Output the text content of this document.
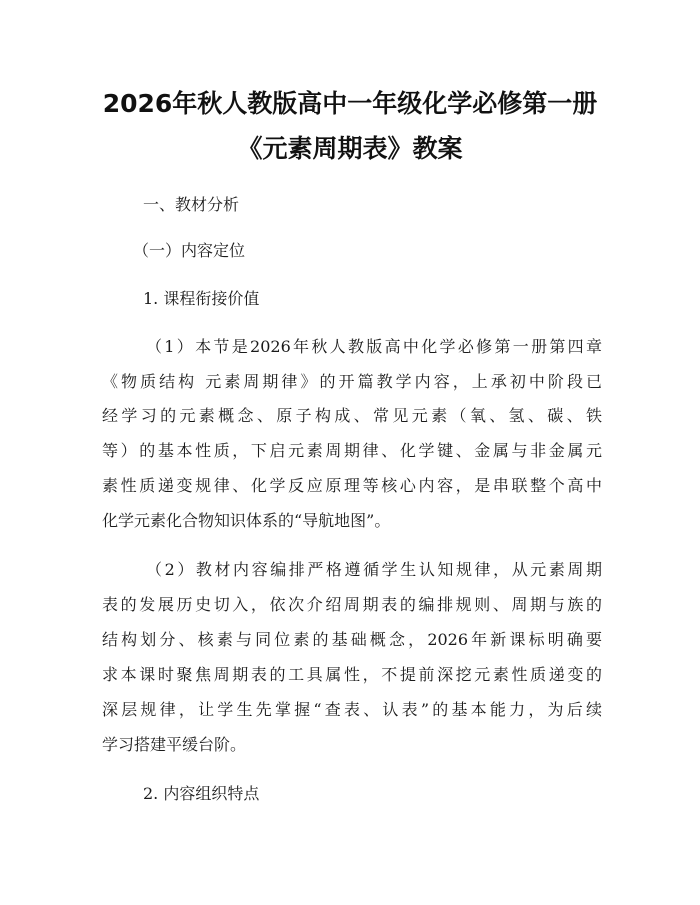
2026年秋人教版高中一年级化学必修第一册
《元素周期表》教案
一、教材分析
（一）内容定位
1. 课程衔接价值
（1）本节是2026年秋人教版高中化学必修第一册第四章
《物质结构 元素周期律》的开篇教学内容，上承初中阶段已
经学习的元素概念、原子构成、常见元素（氧、氢、碳、铁
等）的基本性质，下启元素周期律、化学键、金属与非金属元
素性质递变规律、化学反应原理等核心内容，是串联整个高中
化学元素化合物知识体系的“导航地图”。
（2）教材内容编排严格遵循学生认知规律，从元素周期
表的发展历史切入，依次介绍周期表的编排规则、周期与族的
结构划分、核素与同位素的基础概念，2026年新课标明确要
求本课时聚焦周期表的工具属性，不提前深挖元素性质递变的
深层规律，让学生先掌握“查表、认表”的基本能力，为后续
学习搭建平缓台阶。
2. 内容组织特点
